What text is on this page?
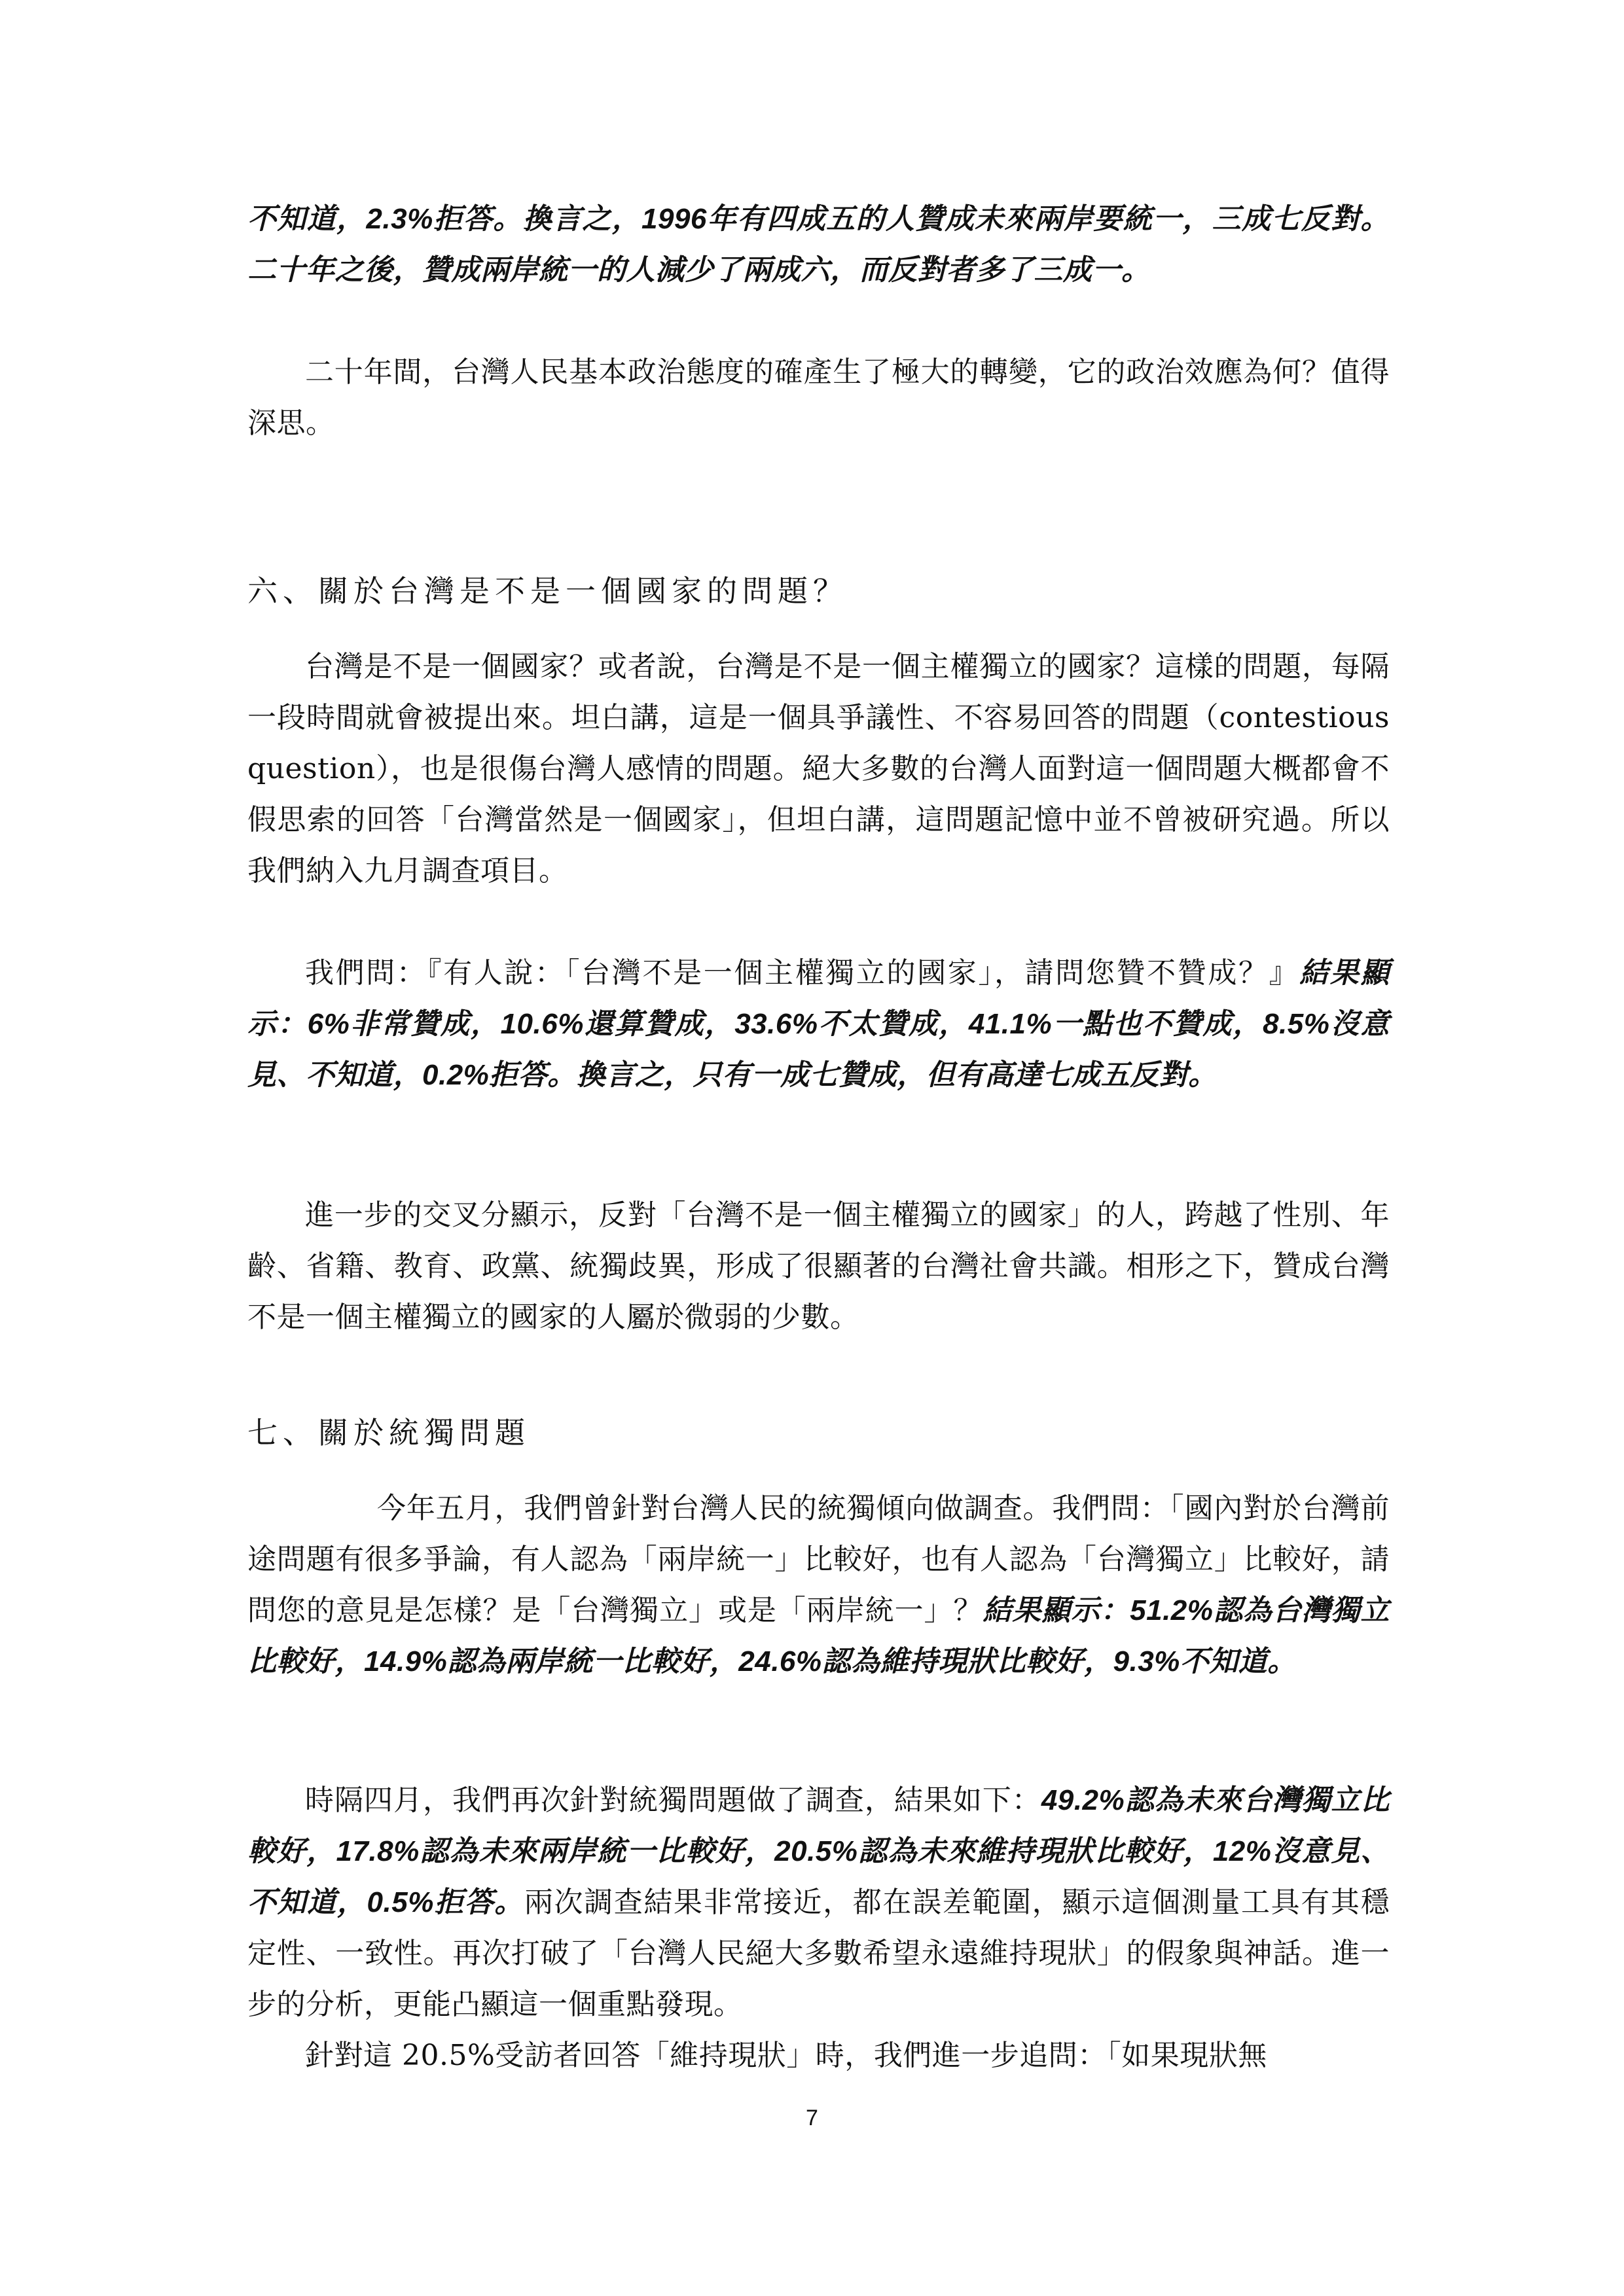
不知道，2.3%拒答。換言之，1996年有四成五的人贊成未來兩岸要統一，三成七反對。二十年之後，贊成兩岸統一的人減少了兩成六，而反對者多了三成一。

二十年間，台灣人民基本政治態度的確產生了極大的轉變，它的政治效應為何？值得深思。

六、關於台灣是不是一個國家的問題？

台灣是不是一個國家？或者說，台灣是不是一個主權獨立的國家？這樣的問題，每隔一段時間就會被提出來。坦白講，這是一個具爭議性、不容易回答的問題（contestious question），也是很傷台灣人感情的問題。絕大多數的台灣人面對這一個問題大概都會不假思索的回答「台灣當然是一個國家」，但坦白講，這問題記憶中並不曾被研究過。所以我們納入九月調查項目。

我們問：『有人說：「台灣不是一個主權獨立的國家」，請問您贊不贊成？』結果顯示：6%非常贊成，10.6%還算贊成，33.6%不太贊成，41.1%一點也不贊成，8.5%沒意見、不知道，0.2%拒答。換言之，只有一成七贊成，但有高達七成五反對。

進一步的交叉分顯示，反對「台灣不是一個主權獨立的國家」的人，跨越了性別、年齡、省籍、教育、政黨、統獨歧異，形成了很顯著的台灣社會共識。相形之下，贊成台灣不是一個主權獨立的國家的人屬於微弱的少數。

七、關於統獨問題

今年五月，我們曾針對台灣人民的統獨傾向做調查。我們問：「國內對於台灣前途問題有很多爭論，有人認為「兩岸統一」比較好，也有人認為「台灣獨立」比較好，請問您的意見是怎樣？是「台灣獨立」或是「兩岸統一」？結果顯示：51.2%認為台灣獨立比較好，14.9%認為兩岸統一比較好，24.6%認為維持現狀比較好，9.3%不知道。

時隔四月，我們再次針對統獨問題做了調查，結果如下：49.2%認為未來台灣獨立比較好，17.8%認為未來兩岸統一比較好，20.5%認為未來維持現狀比較好，12%沒意見、不知道，0.5%拒答。兩次調查結果非常接近，都在誤差範圍，顯示這個測量工具有其穩定性、一致性。再次打破了「台灣人民絕大多數希望永遠維持現狀」的假象與神話。進一步的分析，更能凸顯這一個重點發現。

針對這 20.5%受訪者回答「維持現狀」時，我們進一步追問：「如果現狀無

7
